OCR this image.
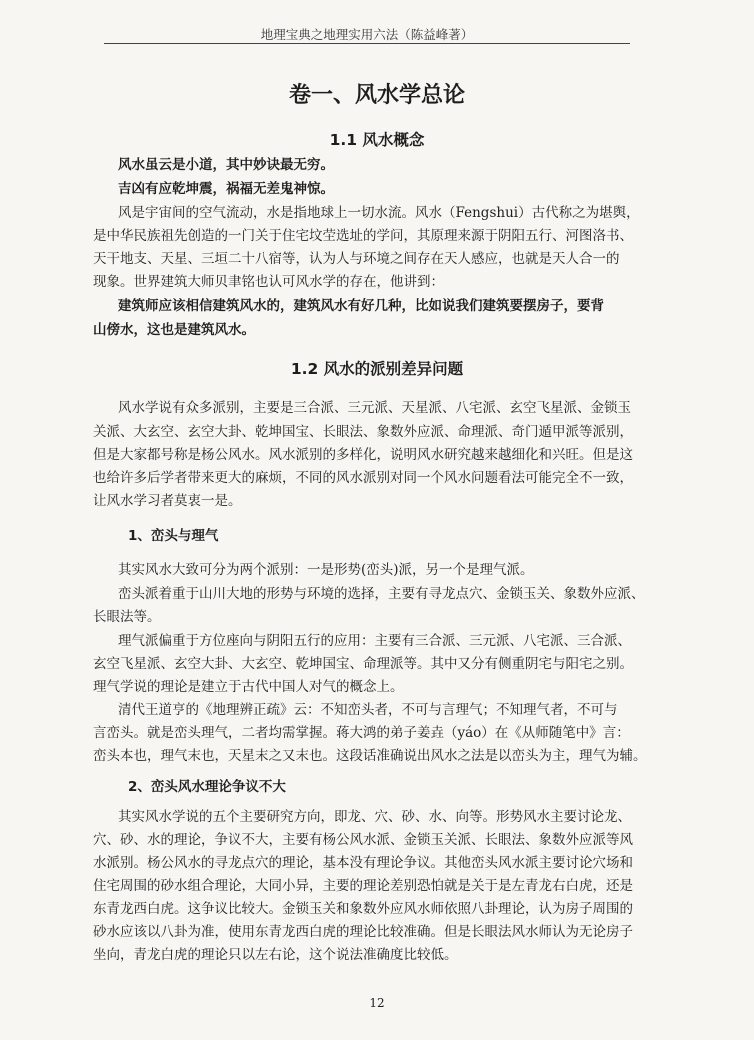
地理宝典之地理实用六法（陈益峰著）
卷一、风水学总论
1.1 风水概念
风水虽云是小道，其中妙诀最无穷。
吉凶有应乾坤震，祸福无差鬼神惊。
风是宇宙间的空气流动，水是指地球上一切水流。风水（Fengshui）古代称之为堪舆，
是中华民族祖先创造的一门关于住宅坟茔选址的学问，其原理来源于阴阳五行、河图洛书、
天干地支、天星、三垣二十八宿等，认为人与环境之间存在天人感应，也就是天人合一的
现象。世界建筑大师贝聿铭也认可风水学的存在，他讲到：
建筑师应该相信建筑风水的，建筑风水有好几种，比如说我们建筑要摆房子，要背
山傍水，这也是建筑风水。
1.2 风水的派别差异问题
风水学说有众多派别，主要是三合派、三元派、天星派、八宅派、玄空飞星派、金锁玉
关派、大玄空、玄空大卦、乾坤国宝、长眼法、象数外应派、命理派、奇门遁甲派等派别，
但是大家都号称是杨公风水。风水派别的多样化，说明风水研究越来越细化和兴旺。但是这
也给许多后学者带来更大的麻烦，不同的风水派别对同一个风水问题看法可能完全不一致，
让风水学习者莫衷一是。
1、峦头与理气
其实风水大致可分为两个派别：一是形势(峦头)派，另一个是理气派。
峦头派着重于山川大地的形势与环境的选择，主要有寻龙点穴、金锁玉关、象数外应派、
长眼法等。
理气派偏重于方位座向与阴阳五行的应用：主要有三合派、三元派、八宅派、三合派、
玄空飞星派、玄空大卦、大玄空、乾坤国宝、命理派等。其中又分有侧重阴宅与阳宅之别。
理气学说的理论是建立于古代中国人对气的概念上。
清代王道亨的《地理辨正疏》云：不知峦头者，不可与言理气；不知理气者，不可与
言峦头。就是峦头理气，二者均需掌握。蒋大鸿的弟子姜垚（yáo）在《从师随笔中》言：
峦头本也，理气末也，天星末之又末也。这段话准确说出风水之法是以峦头为主，理气为辅。
2、峦头风水理论争议不大
其实风水学说的五个主要研究方向，即龙、穴、砂、水、向等。形势风水主要讨论龙、
穴、砂、水的理论，争议不大，主要有杨公风水派、金锁玉关派、长眼法、象数外应派等风
水派别。杨公风水的寻龙点穴的理论，基本没有理论争议。其他峦头风水派主要讨论穴场和
住宅周围的砂水组合理论，大同小异，主要的理论差别恐怕就是关于是左青龙右白虎，还是
东青龙西白虎。这争议比较大。金锁玉关和象数外应风水师依照八卦理论，认为房子周围的
砂水应该以八卦为准，使用东青龙西白虎的理论比较准确。但是长眼法风水师认为无论房子
坐向，青龙白虎的理论只以左右论，这个说法准确度比较低。
12
